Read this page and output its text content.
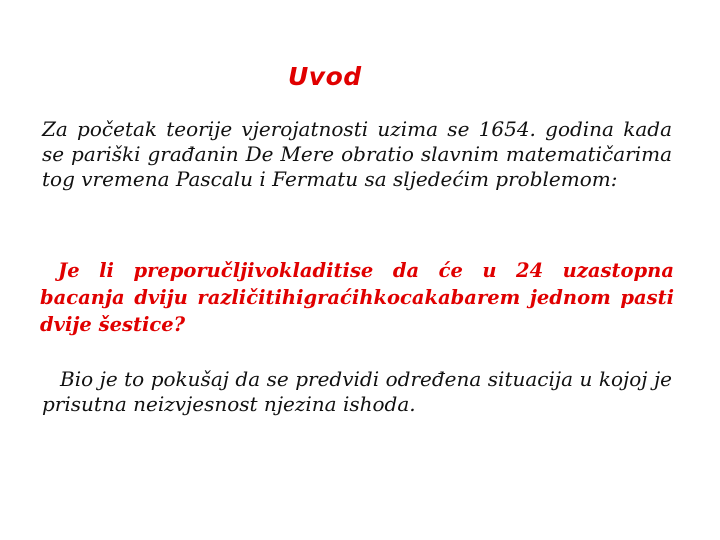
Uvod
Za početak teorije vjerojatnosti uzima se 1654. godina kada se pariški građanin De Mere obratio slavnim matematičarima tog vremena Pascalu i Fermatu sa sljedećim problemom:
Je li preporučljivokladitise da će u 24 uzastopna bacanja dviju različitihigraćihkocakabarem jednom pasti dvije šestice?
Bio je to pokušaj da se predvidi određena situacija u kojoj je prisutna neizvjesnost njezina ishoda.
